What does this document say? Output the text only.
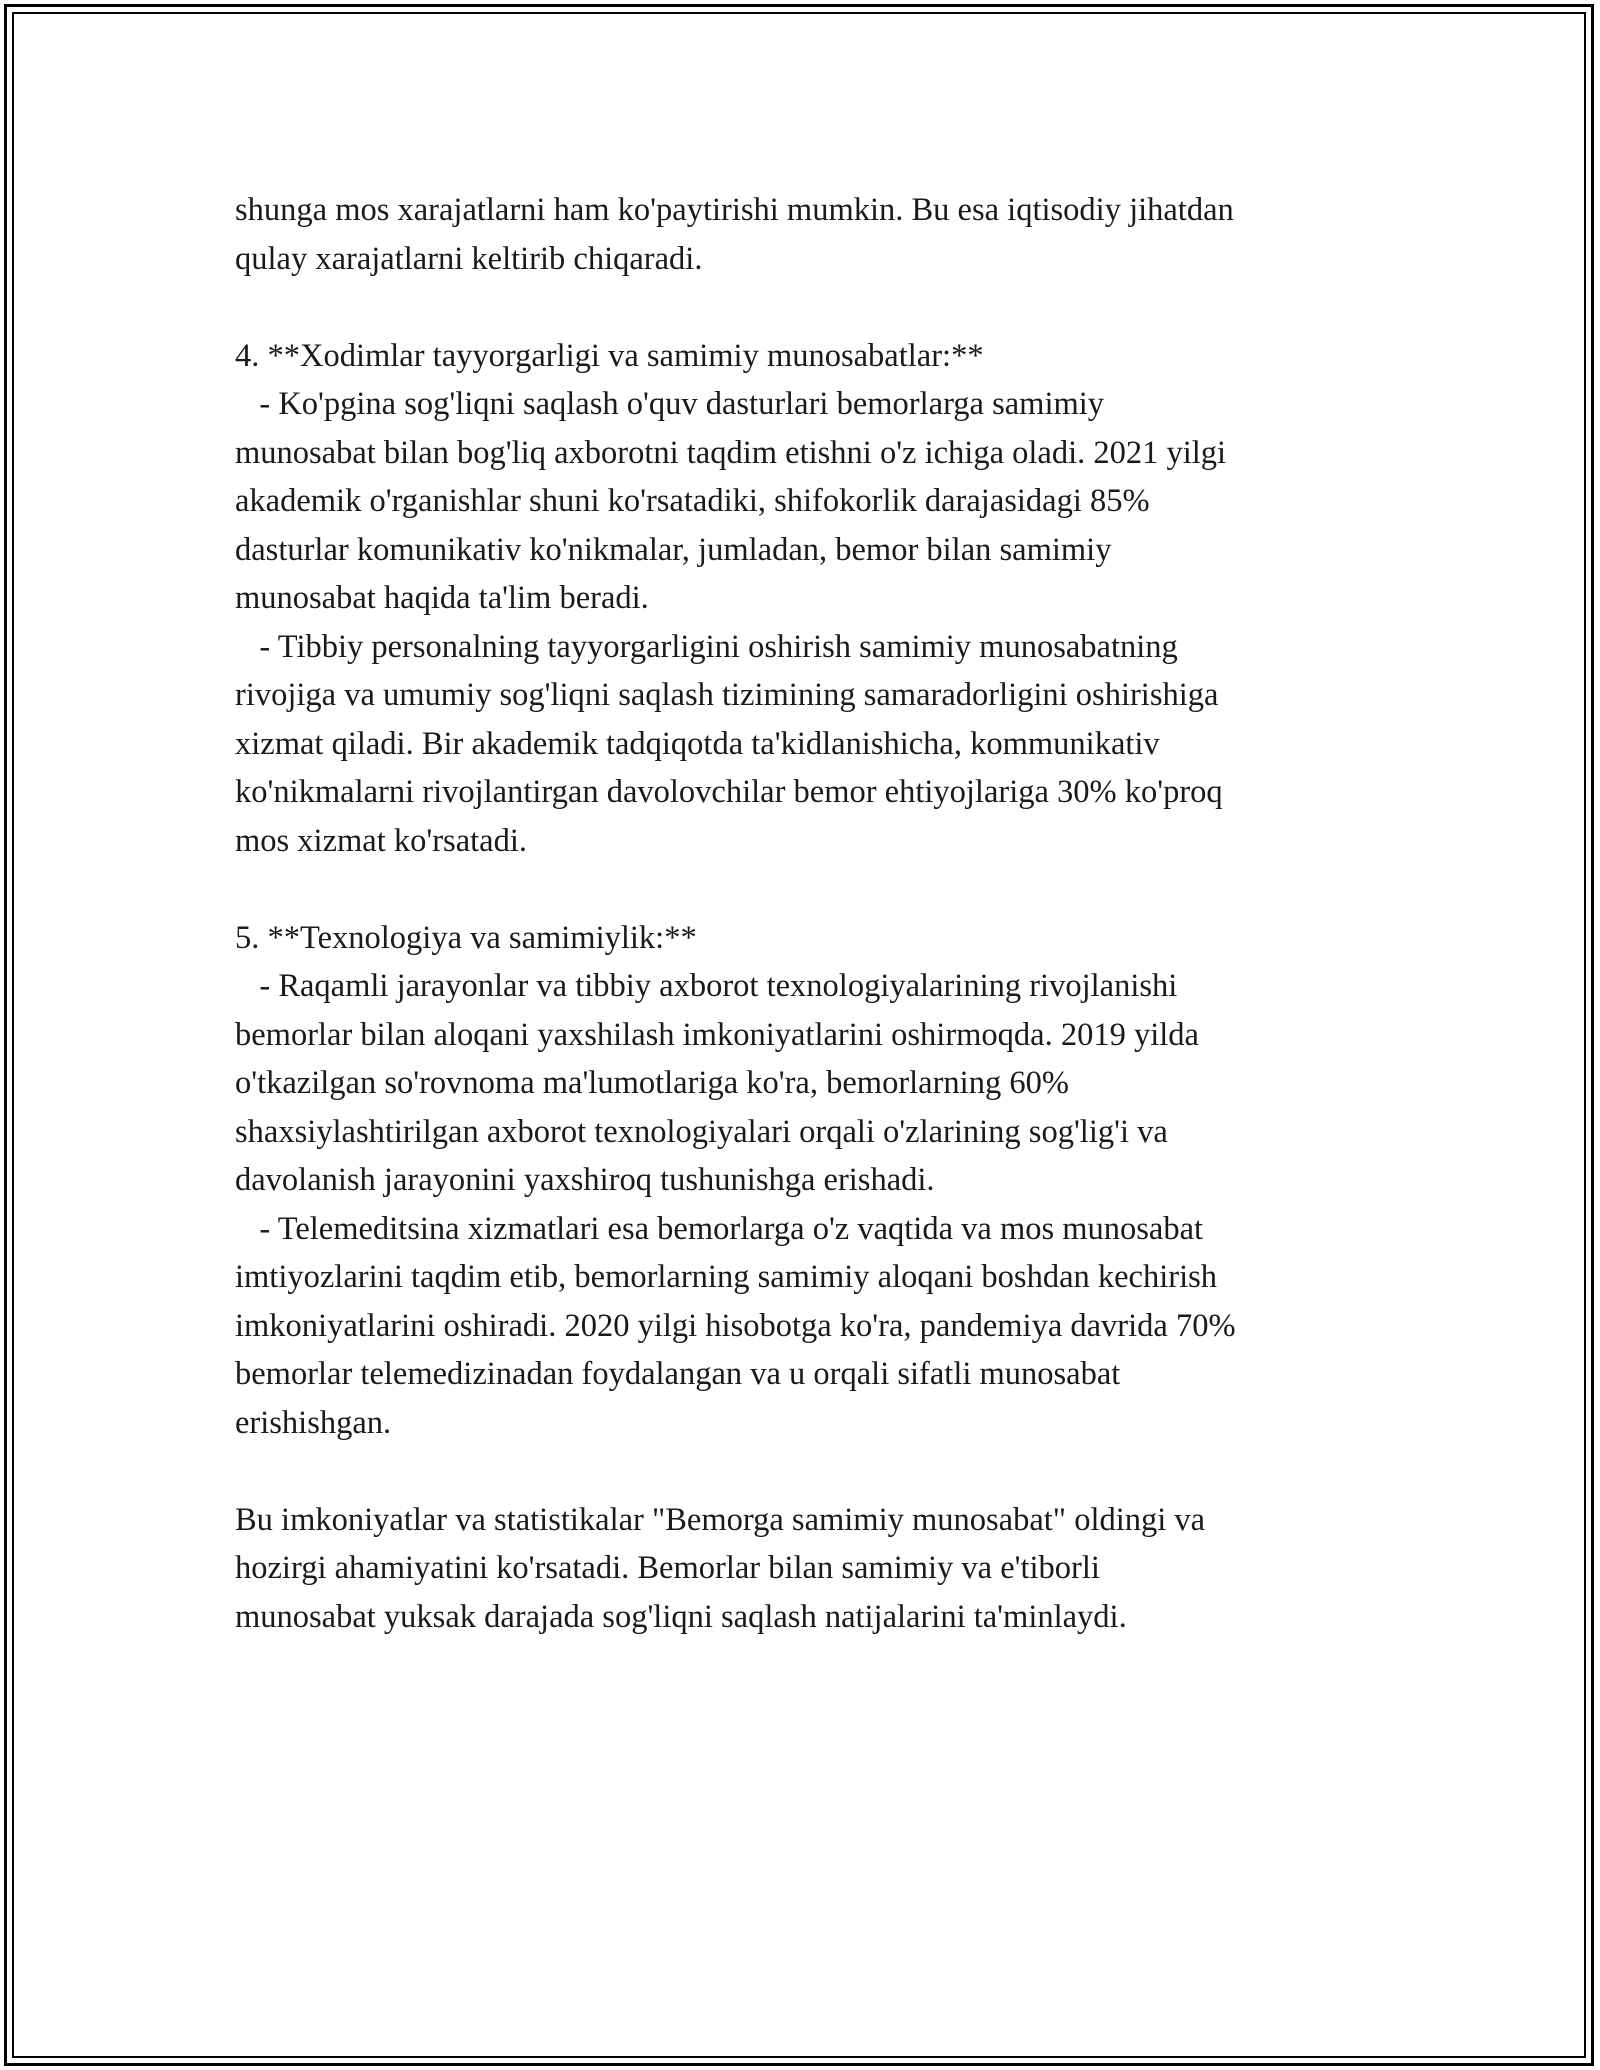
shunga mos xarajatlarni ham ko'paytirishi mumkin. Bu esa iqtisodiy jihatdan
qulay xarajatlarni keltirib chiqaradi.

4. **Xodimlar tayyorgarligi va samimiy munosabatlar:**
- Ko'pgina sog'liqni saqlash o'quv dasturlari bemorlarga samimiy
munosabat bilan bog'liq axborotni taqdim etishni o'z ichiga oladi. 2021 yilgi
akademik o'rganishlar shuni ko'rsatadiki, shifokorlik darajasidagi 85%
dasturlar komunikativ ko'nikmalar, jumladan, bemor bilan samimiy
munosabat haqida ta'lim beradi.
- Tibbiy personalning tayyorgarligini oshirish samimiy munosabatning
rivojiga va umumiy sog'liqni saqlash tizimining samaradorligini oshirishiga
xizmat qiladi. Bir akademik tadqiqotda ta'kidlanishicha, kommunikativ
ko'nikmalarni rivojlantirgan davolovchilar bemor ehtiyojlariga 30% ko'proq
mos xizmat ko'rsatadi.

5. **Texnologiya va samimiylik:**
- Raqamli jarayonlar va tibbiy axborot texnologiyalarining rivojlanishi
bemorlar bilan aloqani yaxshilash imkoniyatlarini oshirmoqda. 2019 yilda
o'tkazilgan so'rovnoma ma'lumotlariga ko'ra, bemorlarning 60%
shaxsiylashtirilgan axborot texnologiyalari orqali o'zlarining sog'lig'i va
davolanish jarayonini yaxshiroq tushunishga erishadi.
- Telemeditsina xizmatlari esa bemorlarga o'z vaqtida va mos munosabat
imtiyozlarini taqdim etib, bemorlarning samimiy aloqani boshdan kechirish
imkoniyatlarini oshiradi. 2020 yilgi hisobotga ko'ra, pandemiya davrida 70%
bemorlar telemedizinadan foydalangan va u orqali sifatli munosabat
erishishgan.

Bu imkoniyatlar va statistikalar "Bemorga samimiy munosabat" oldingi va
hozirgi ahamiyatini ko'rsatadi. Bemorlar bilan samimiy va e'tiborli
munosabat yuksak darajada sog'liqni saqlash natijalarini ta'minlaydi.
